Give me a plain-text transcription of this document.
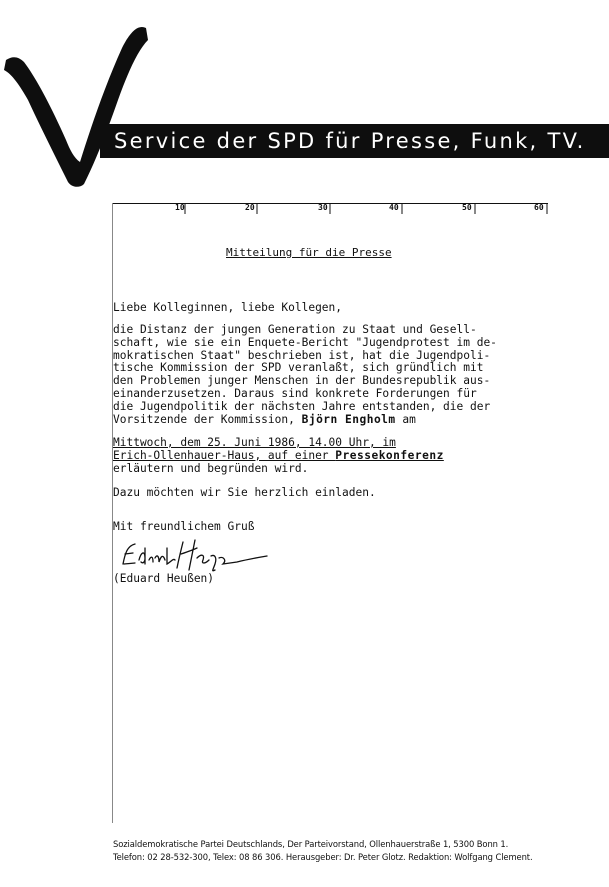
Service der SPD für Presse, Funk, TV.
10	20	30	40	50	60
Mitteilung für die Presse
Liebe Kolleginnen, liebe Kollegen,
die Distanz der jungen Generation zu Staat und Gesell-
schaft, wie sie ein Enquete-Bericht "Jugendprotest im de-
mokratischen Staat" beschrieben ist, hat die Jugendpoli-
tische Kommission der SPD veranlaßt, sich gründlich mit
den Problemen junger Menschen in der Bundesrepublik aus-
einanderzusetzen. Daraus sind konkrete Forderungen für
die Jugendpolitik der nächsten Jahre entstanden, die der
Vorsitzende der Kommission, Björn Engholm am
Mittwoch, dem 25. Juni 1986, 14.00 Uhr, im
Erich-Ollenhauer-Haus, auf einer Pressekonferenz
erläutern und begründen wird.
Dazu möchten wir Sie herzlich einladen.
Mit freundlichem Gruß
(Eduard Heußen)
Sozialdemokratische Partei Deutschlands, Der Parteivorstand, Ollenhauerstraße 1, 5300 Bonn 1.
Telefon: 02 28-532-300, Telex: 08 86 306. Herausgeber: Dr. Peter Glotz. Redaktion: Wolfgang Clement.
